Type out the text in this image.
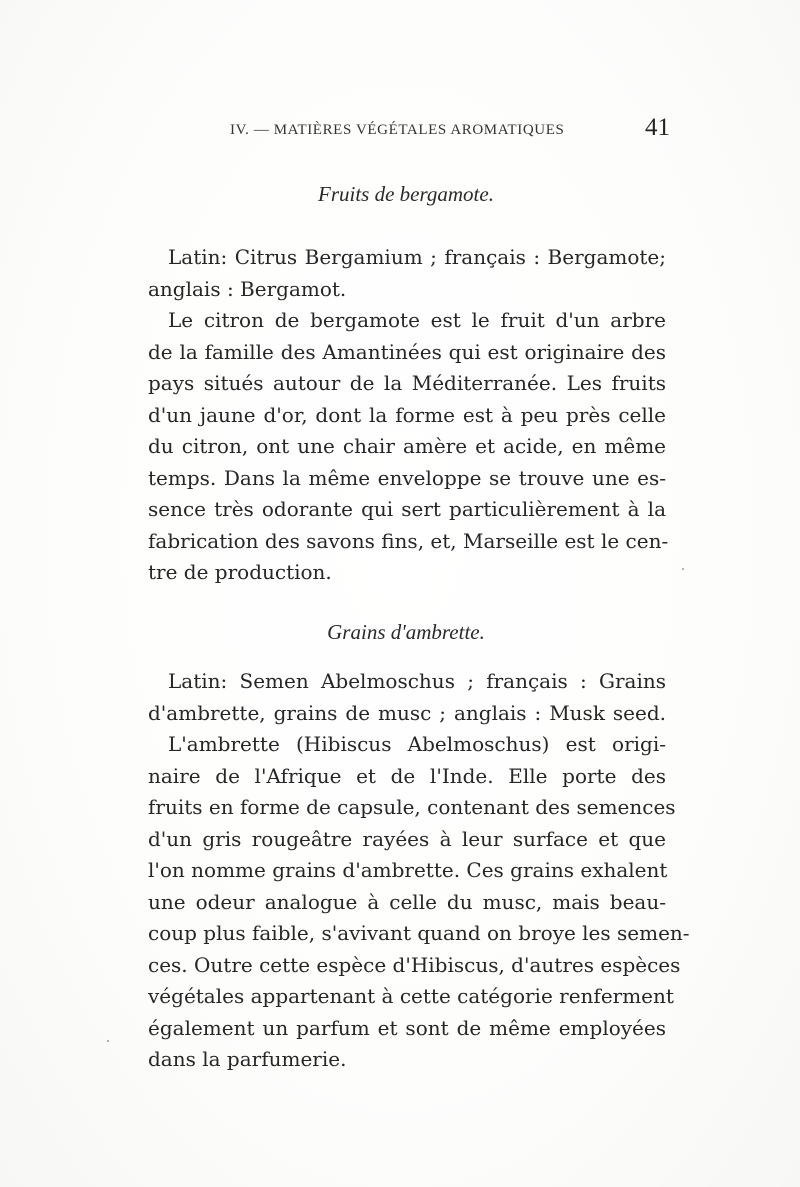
IV. — MATIÈRES VÉGÉTALES AROMATIQUES	41
Fruits de bergamote.
Latin: Citrus Bergamium ; français : Bergamote;
anglais : Bergamot.
Le citron de bergamote est le fruit d'un arbre
de la famille des Amantinées qui est originaire des
pays situés autour de la Méditerranée. Les fruits
d'un jaune d'or, dont la forme est à peu près celle
du citron, ont une chair amère et acide, en même
temps. Dans la même enveloppe se trouve une es-
sence très odorante qui sert particulièrement à la
fabrication des savons fins, et, Marseille est le cen-
tre de production.
Grains d'ambrette.
Latin: Semen Abelmoschus ; français : Grains
d'ambrette, grains de musc ; anglais : Musk seed.
L'ambrette (Hibiscus Abelmoschus) est origi-
naire de l'Afrique et de l'Inde. Elle porte des
fruits en forme de capsule, contenant des semences
d'un gris rougeâtre rayées à leur surface et que
l'on nomme grains d'ambrette. Ces grains exhalent
une odeur analogue à celle du musc, mais beau-
coup plus faible, s'avivant quand on broye les semen-
ces. Outre cette espèce d'Hibiscus, d'autres espèces
végétales appartenant à cette catégorie renferment
également un parfum et sont de même employées
dans la parfumerie.
